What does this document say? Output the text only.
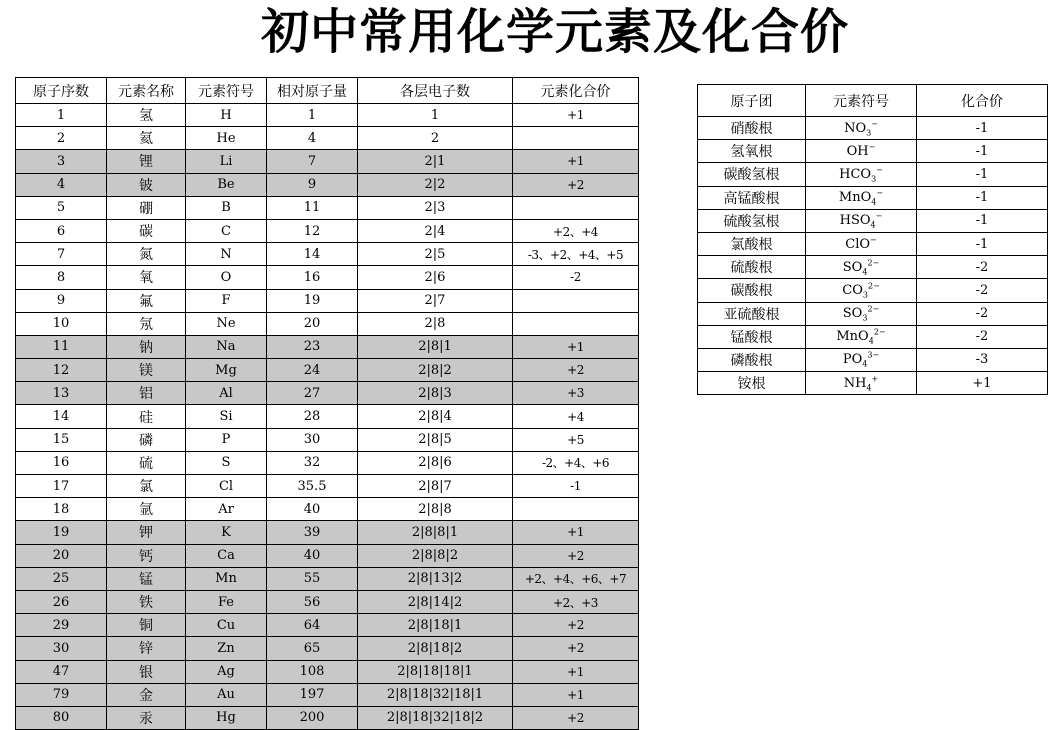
初中常用化学元素及化合价
原子序数	元素名称	元素符号	相对原子量	各层电子数	元素化合价
1	氢	H	1	1	+1
2	氦	He	4	2	
3	锂	Li	7	2|1	+1
4	铍	Be	9	2|2	+2
5	硼	B	11	2|3	
6	碳	C	12	2|4	+2、+4
7	氮	N	14	2|5	-3、+2、+4、+5
8	氧	O	16	2|6	-2
9	氟	F	19	2|7	
10	氖	Ne	20	2|8	
11	钠	Na	23	2|8|1	+1
12	镁	Mg	24	2|8|2	+2
13	铝	Al	27	2|8|3	+3
14	硅	Si	28	2|8|4	+4
15	磷	P	30	2|8|5	+5
16	硫	S	32	2|8|6	-2、+4、+6
17	氯	Cl	35.5	2|8|7	-1
18	氩	Ar	40	2|8|8	
19	钾	K	39	2|8|8|1	+1
20	钙	Ca	40	2|8|8|2	+2
25	锰	Mn	55	2|8|13|2	+2、+4、+6、+7
26	铁	Fe	56	2|8|14|2	+2、+3
29	铜	Cu	64	2|8|18|1	+2
30	锌	Zn	65	2|8|18|2	+2
47	银	Ag	108	2|8|18|18|1	+1
79	金	Au	197	2|8|18|32|18|1	+1
80	汞	Hg	200	2|8|18|32|18|2	+2
原子团	元素符号	化合价
硝酸根	$NO_3^-$	-1
氢氧根	OH−	-1
碳酸氢根	$HCO_3^-$	-1
高锰酸根	MnO$_4$−	-1
硫酸氢根	$HSO_4^-$	-1
氯酸根	ClO−	-1
硫酸根	$SO_4^{2-}$	-2
碳酸根	$CO_3^{2-}$	-2
亚硫酸根	$SO_3^{2-}$	-2
锰酸根	MnO$_4^{2-}$	-2
磷酸根	$PO_4^{3-}$	-3
铵根	$NH_4^+$	+1
